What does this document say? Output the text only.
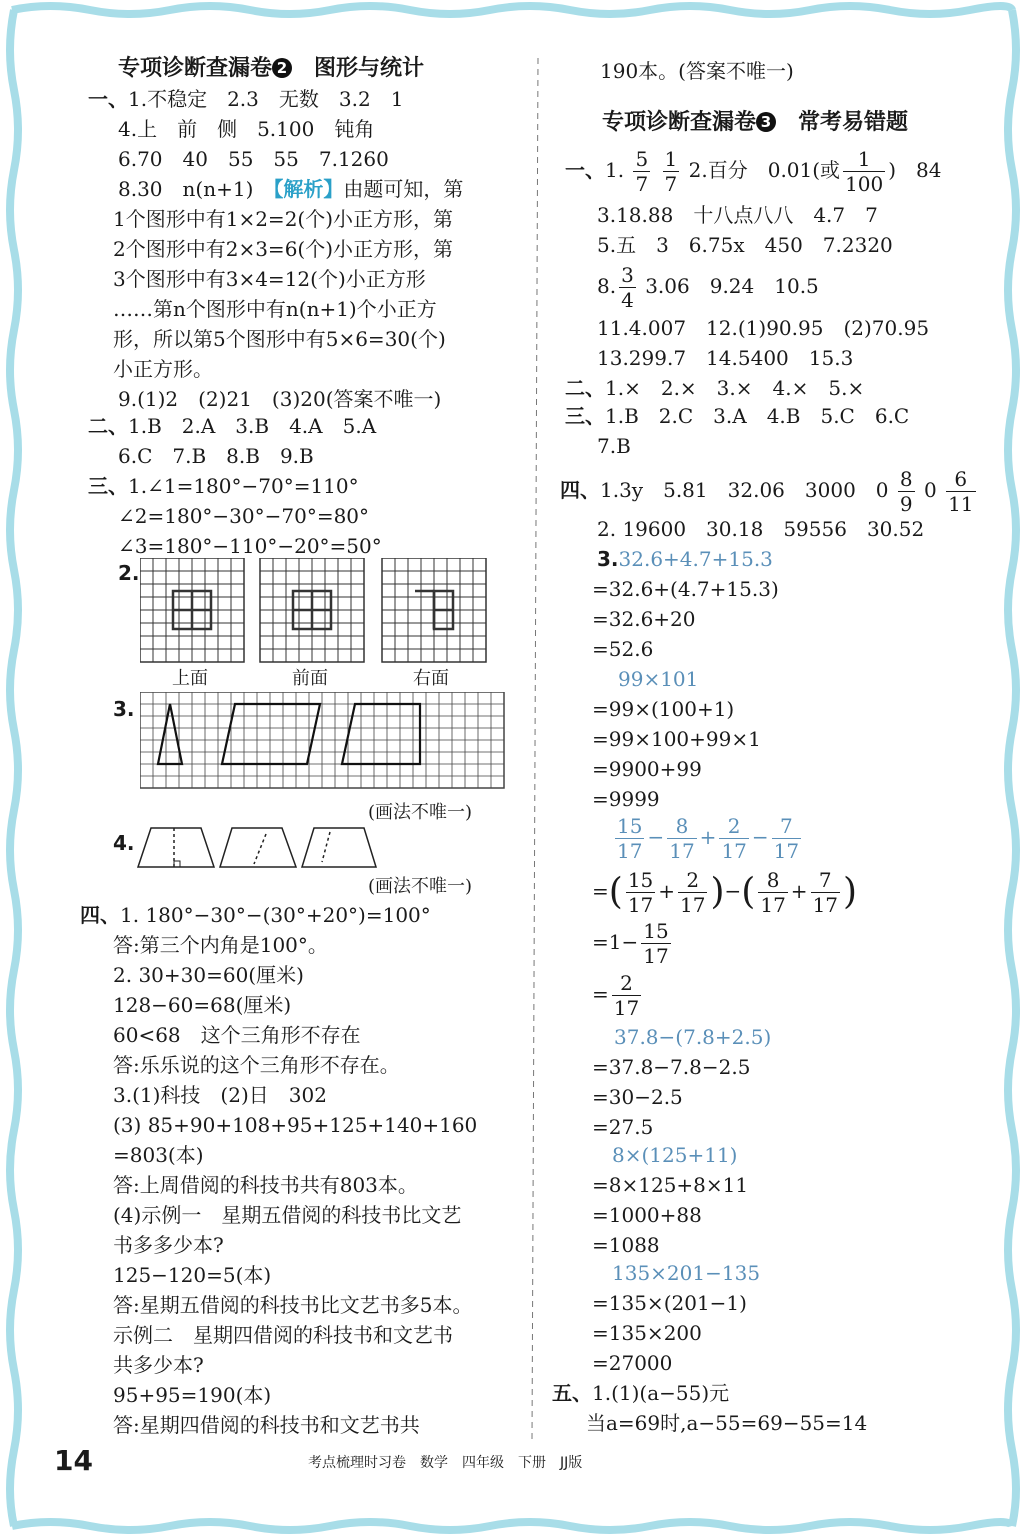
专项诊断查漏卷 2　 图形与统计
一、1.不稳定　2.3　无数　3.2　1
4.上　前　侧　5.100　钝角
6.70　40　55　55　7.1260
8.30　n(n+1)　【解析】由题可知，第
1个图形中有1×2=2(个)小正方形，第
2个图形中有2×3=6(个)小正方形，第
3个图形中有3×4=12(个)小正方形
……第n个图形中有n(n+1)个小正方
形，所以第5个图形中有5×6=30(个)
小正方形。
9.(1)2　(2)21　(3)20(答案不唯一)
二、1.B　2.A　3.B　4.A　5.A
6.C　7.B　8.B　9.B
三、1.∠1=180°−70°=110°
∠2=180°−30°−70°=80°
∠3=180°−110°−20°=50°
2.
上面	前面	右面
3.
(画法不唯一)
4.
(画法不唯一)
四、1. 180°−30°−(30°+20°)=100°
答:第三个内角是100°。
2. 30+30=60(厘米)
128−60=68(厘米)
60<68　这个三角形不存在
答:乐乐说的这个三角形不存在。
3.(1)科技　(2)日　302
(3) 85+90+108+95+125+140+160
=803(本)
答:上周借阅的科技书共有803本。
(4)示例一　星期五借阅的科技书比文艺
书多多少本?
125−120=5(本)
答:星期五借阅的科技书比文艺书多5本。
示例二　星期四借阅的科技书和文艺书
共多少本?
95+95=190(本)
答:星期四借阅的科技书和文艺书共
190本。(答案不唯一)
专项诊断查漏卷 3　 常考易错题
一、1. $\frac{5}{7}$
$\frac{1}{7} 2$.百分　0.01(或 $\frac{1}{100}$ )　84
3.18.88　十八点八八　4.7　7
5.五　3　6.75x　450　7.2320
8. $\frac{3}{4} 3.06$　9.24　10.5
11.4.007　12.(1)90.95　(2)70.95
13.299.7　14.5400　15.3
二、1.×　2.×　3.×　4.×　5.×
三、1.B　2.C　3.A　4.B　5.C　6.C
7.B
四、1.3y　5.81　32.06　3000　$0 \frac{8}{9} 0 \frac{6}{11}$
2. 19600　30.18　59556　30.52
3.32.6+4.7+15.3
=32.6+(4.7+15.3)
=32.6+20
=52.6
99×101
=99×(100+1)
=99×100+99×1
=9900+99
=9999
$\frac{15}{17} - \frac{8}{17} + \frac{2}{17} - \frac{7}{17}$
=( $\frac{15}{17} + \frac{2}{17}$ )−( $\frac{8}{17} + \frac{7}{17}$ )
$=1- \frac{15}{17}$
= $\frac{2}{17}$
37.8−(7.8+2.5)
=37.8−7.8−2.5
=30−2.5
=27.5
8×(125+11)
=8×125+8×11
=1000+88
=1088
135×201−135
=135×(201−1)
=135×200
=27000
五、1.(1)(a−55)元
当a=69时,a−55=69−55=14
14	考点梳理时习卷　数学　四年级　下册　JJ版
